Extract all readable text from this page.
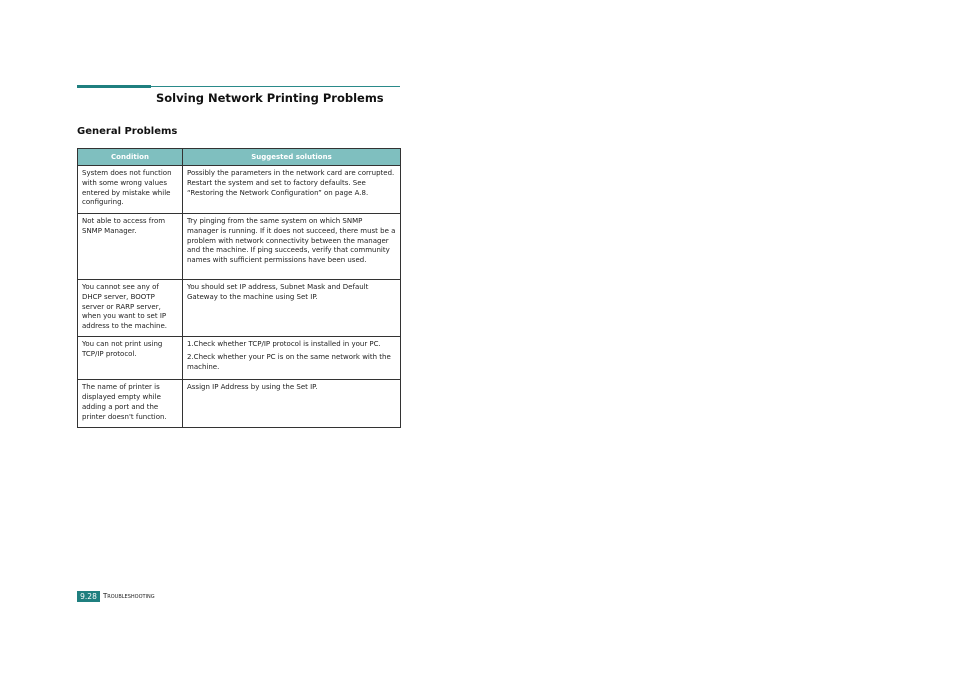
Solving Network Printing Problems
General Problems
Condition	Suggested solutions
System does not function with some wrong values entered by mistake while configuring.	Possibly the parameters in the network card are corrupted. Restart the system and set to factory defaults. See “Restoring the Network Configuration” on page A.8.

Not able to access from SNMP Manager.	Try pinging from the same system on which SNMP manager is running. If it does not succeed, there must be a problem with network connectivity between the manager and the machine. If ping succeeds, verify that community names with sufficient permissions have been used.

You cannot see any of DHCP server, BOOTP server or RARP server, when you want to set IP address to the machine.	You should set IP address, Subnet Mask and Default Gateway to the machine using Set IP.

You can not print using TCP/IP protocol.	1.Check whether TCP/IP protocol is installed in your PC.
2.Check whether your PC is on the same network with the machine.

The name of printer is displayed empty while adding a port and the printer doesn't function.	Assign IP Address by using the Set IP.
9.28 Troubleshooting
